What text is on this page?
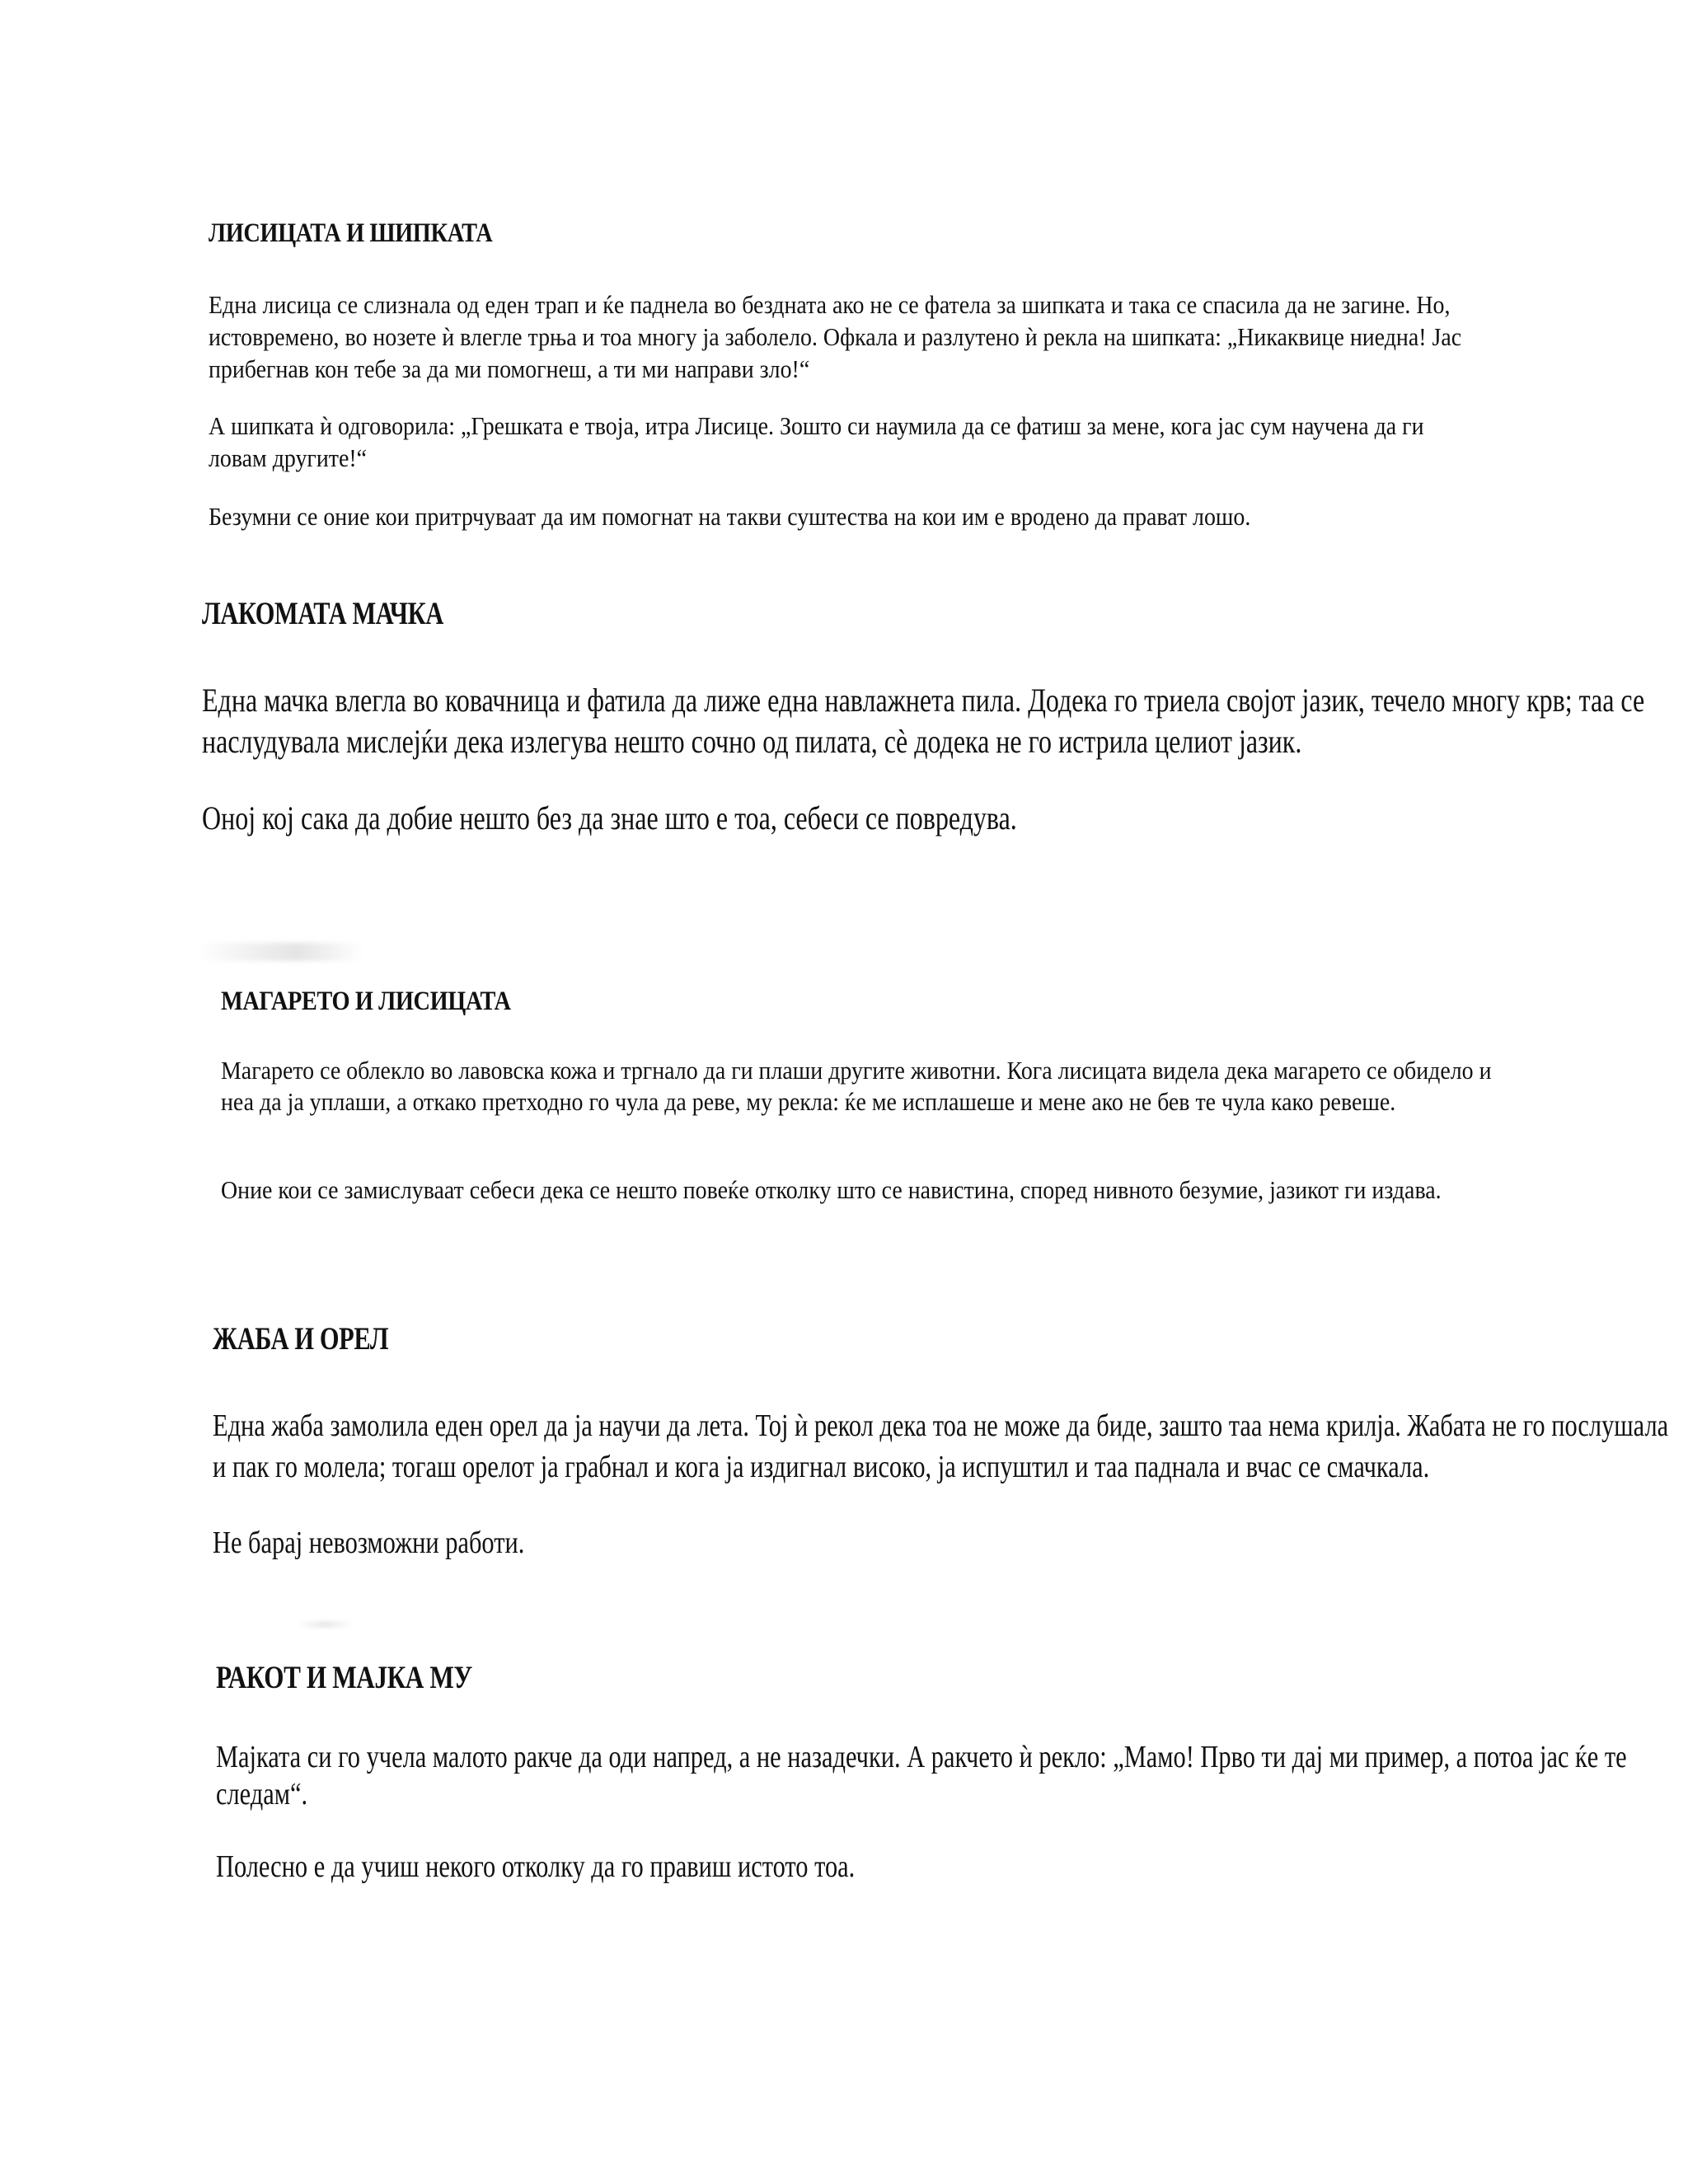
ЛИСИЦАТА И ШИПКАТА

Една лисица се слизнала од еден трап и ќе паднела во бездната ако не се фатела за шипката и така се спасила да не загине. Но, истовремено, во нозете ѝ влегле трња и тоа многу ја заболело. Офкала и разлутено ѝ рекла на шипката: „Никаквице ниедна! Јас прибегнав кон тебе за да ми помогнеш, а ти ми направи зло!“

А шипката ѝ одговорила: „Грешката е твоја, итра Лисице. Зошто си наумила да се фатиш за мене, кога јас сум научена да ги ловам другите!“

Безумни се оние кои притрчуваат да им помогнат на такви суштества на кои им е вродено да прават лошо.

ЛАКОМАТА МАЧКА

Една мачка влегла во ковачница и фатила да лиже една навлажнета пила. Додека го триела својот јазик, течело многу крв; таа се наслудувала мислејќи дека излегува нешто сочно од пилата, сè додека не го истрила целиот јазик.

Оној кој сака да добие нешто без да знае што е тоа, себеси се повредува.

МАГАРЕТО И ЛИСИЦАТА

Магарето се облекло во лавовска кожа и тргнало да ги плаши другите животни. Кога лисицата видела дека магарето се обидело и неа да ја уплаши, а откако претходно го чула да реве, му рекла: ќе ме исплашеше и мене ако не бев те чула како ревеше.

Оние кои се замислуваат себеси дека се нешто повеќе отколку што се навистина, според нивното безумие, јазикот ги издава.

ЖАБА И ОРЕЛ

Една жаба замолила еден орел да ја научи да лета. Тој ѝ рекол дека тоа не може да биде, зашто таа нема крилја. Жабата не го послушала и пак го молела; тогаш орелот ја грабнал и кога ја издигнал високо, ја испуштил и таа паднала и вчас се смачкала.

Не барај невозможни работи.

РАКОТ И МАЈКА МУ

Мајката си го учела малото ракче да оди напред, а не назадечки. А ракчето ѝ рекло: „Мамо! Прво ти дај ми пример, а потоа јас ќе те следам“.

Полесно е да учиш некого отколку да го правиш истото тоа.
